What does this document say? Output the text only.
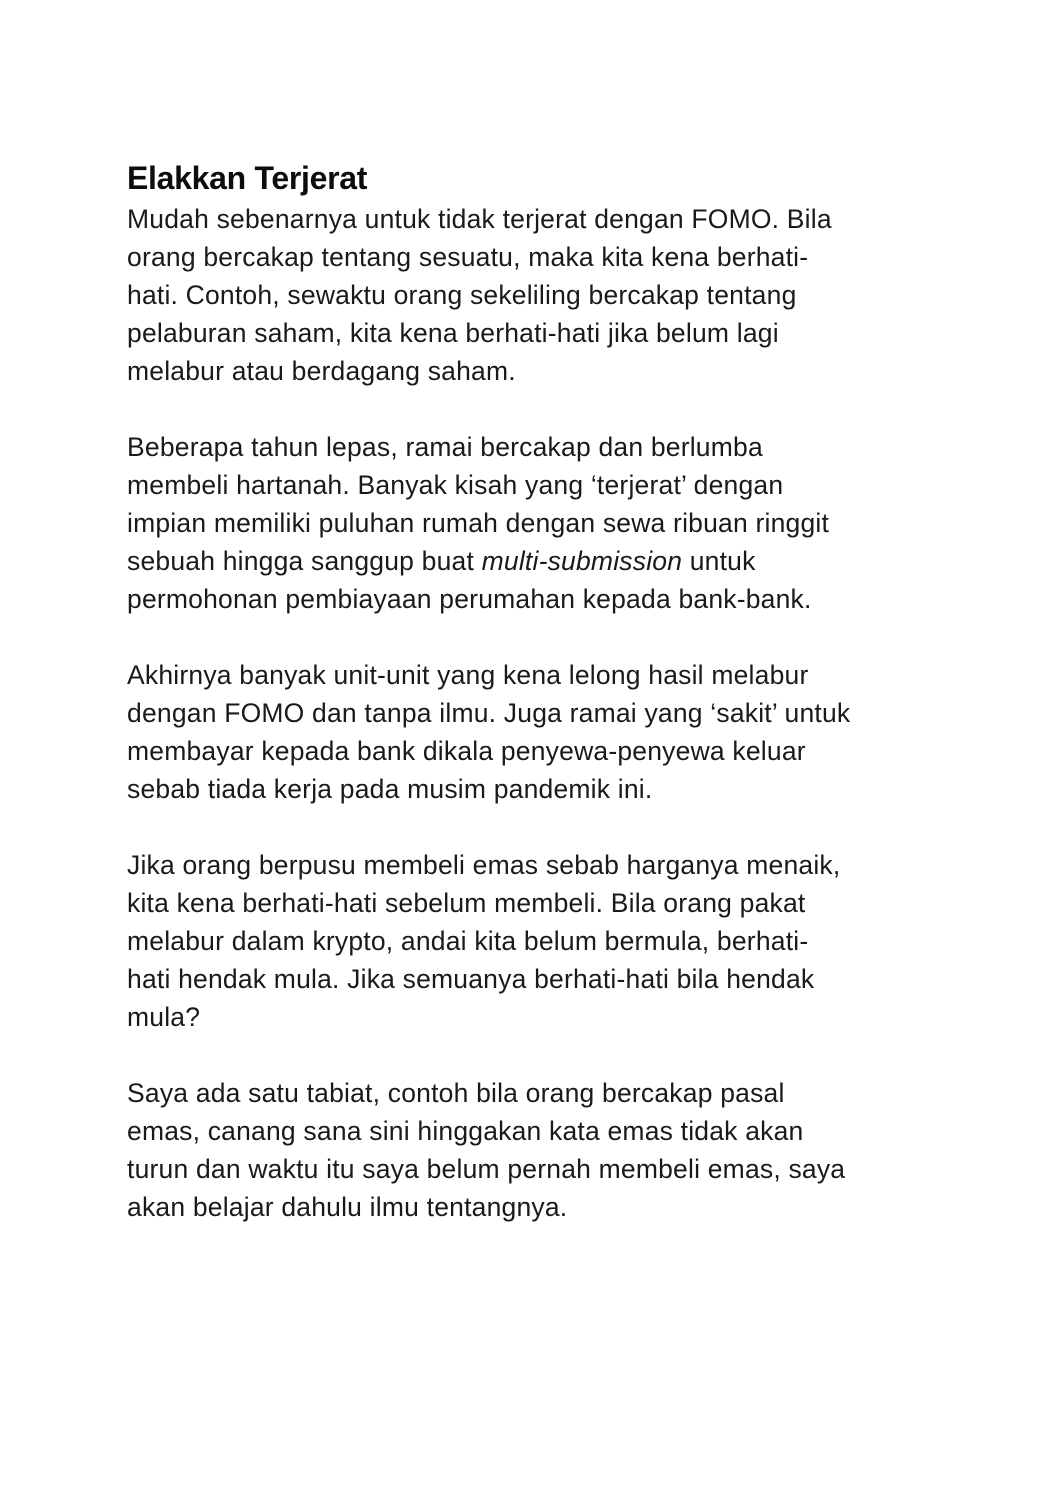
Elakkan Terjerat

Mudah sebenarnya untuk tidak terjerat dengan FOMO. Bila
orang bercakap tentang sesuatu, maka kita kena berhati-
hati. Contoh, sewaktu orang sekeliling bercakap tentang
pelaburan saham, kita kena berhati-hati jika belum lagi
melabur atau berdagang saham.

Beberapa tahun lepas, ramai bercakap dan berlumba
membeli hartanah. Banyak kisah yang ‘terjerat’ dengan
impian memiliki puluhan rumah dengan sewa ribuan ringgit
sebuah hingga sanggup buat multi-submission untuk
permohonan pembiayaan perumahan kepada bank-bank.

Akhirnya banyak unit-unit yang kena lelong hasil melabur
dengan FOMO dan tanpa ilmu. Juga ramai yang ‘sakit’ untuk
membayar kepada bank dikala penyewa-penyewa keluar
sebab tiada kerja pada musim pandemik ini.

Jika orang berpusu membeli emas sebab harganya menaik,
kita kena berhati-hati sebelum membeli. Bila orang pakat
melabur dalam krypto, andai kita belum bermula, berhati-
hati hendak mula. Jika semuanya berhati-hati bila hendak
mula?

Saya ada satu tabiat, contoh bila orang bercakap pasal
emas, canang sana sini hinggakan kata emas tidak akan
turun dan waktu itu saya belum pernah membeli emas, saya
akan belajar dahulu ilmu tentangnya.
